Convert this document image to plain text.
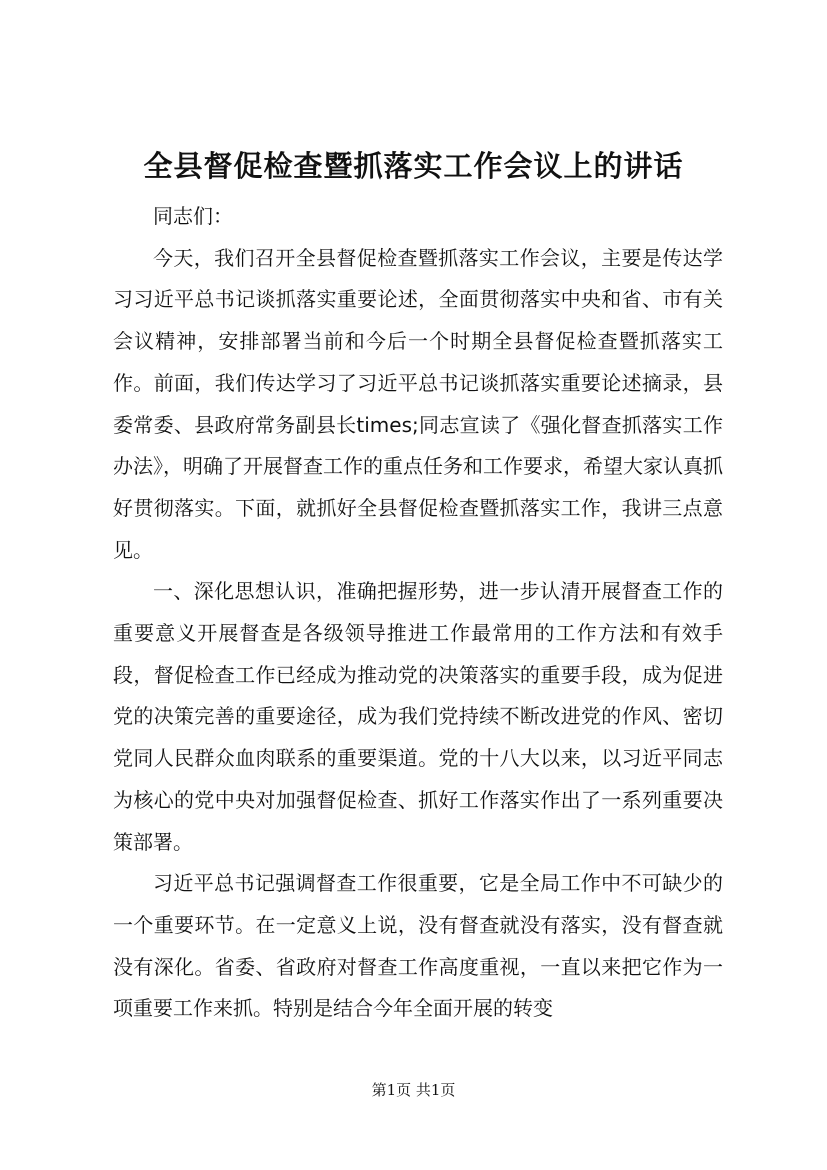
全县督促检查暨抓落实工作会议上的讲话

同志们：

今天，我们召开全县督促检查暨抓落实工作会议，主要是传达学习习近平总书记谈抓落实重要论述，全面贯彻落实中央和省、市有关会议精神，安排部署当前和今后一个时期全县督促检查暨抓落实工作。前面，我们传达学习了习近平总书记谈抓落实重要论述摘录，县委常委、县政府常务副县长times;同志宣读了《强化督查抓落实工作办法》，明确了开展督查工作的重点任务和工作要求，希望大家认真抓好贯彻落实。下面，就抓好全县督促检查暨抓落实工作，我讲三点意见。

一、深化思想认识，准确把握形势，进一步认清开展督查工作的重要意义开展督查是各级领导推进工作最常用的工作方法和有效手段，督促检查工作已经成为推动党的决策落实的重要手段，成为促进党的决策完善的重要途径，成为我们党持续不断改进党的作风、密切党同人民群众血肉联系的重要渠道。党的十八大以来，以习近平同志为核心的党中央对加强督促检查、抓好工作落实作出了一系列重要决策部署。

习近平总书记强调督查工作很重要，它是全局工作中不可缺少的一个重要环节。在一定意义上说，没有督查就没有落实，没有督查就没有深化。省委、省政府对督查工作高度重视，一直以来把它作为一项重要工作来抓。特别是结合今年全面开展的转变

第1页 共1页
